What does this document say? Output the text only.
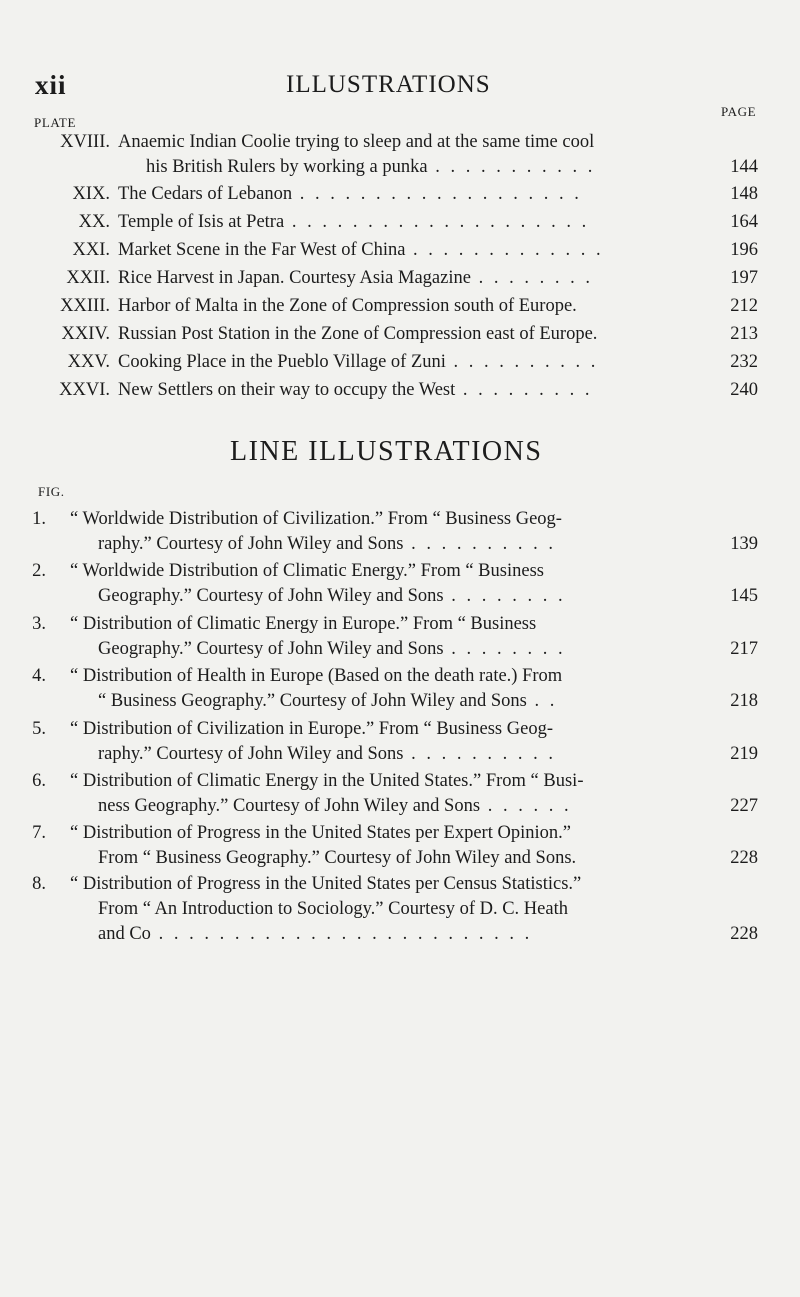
xii	ILLUSTRATIONS
PLATE
PAGE
XVIII. Anaemic Indian Coolie trying to sleep and at the same time cool
his British Rulers by working a punka . . . . . . . . . . .	144
XIX. The Cedars of Lebanon . . . . . . . . . . . . . . . . . . .	148
XX. Temple of Isis at Petra . . . . . . . . . . . . . . . . . . . .	164
XXI. Market Scene in the Far West of China . . . . . . . . . . . . .	196
XXII. Rice Harvest in Japan. Courtesy Asia Magazine . . . . . . . .	197
XXIII. Harbor of Malta in the Zone of Compression south of Europe.	212
XXIV. Russian Post Station in the Zone of Compression east of Europe.	213
XXV. Cooking Place in the Pueblo Village of Zuni . . . . . . . . . .	232
XXVI. New Settlers on their way to occupy the West . . . . . . . . .	240
LINE ILLUSTRATIONS
FIG.
1. “ Worldwide Distribution of Civilization.” From “ Business Geog-
raphy.” Courtesy of John Wiley and Sons . . . . . . . . . .	139
2. “ Worldwide Distribution of Climatic Energy.” From “ Business
Geography.” Courtesy of John Wiley and Sons . . . . . . . .	145
3. “ Distribution of Climatic Energy in Europe.” From “ Business
Geography.” Courtesy of John Wiley and Sons . . . . . . . .	217
4. “ Distribution of Health in Europe (Based on the death rate.) From
“ Business Geography.” Courtesy of John Wiley and Sons . .	218
5. “ Distribution of Civilization in Europe.” From “ Business Geog-
raphy.” Courtesy of John Wiley and Sons . . . . . . . . . .	219
6. “ Distribution of Climatic Energy in the United States.” From “ Busi-
ness Geography.” Courtesy of John Wiley and Sons . . . . . .	227
7. “ Distribution of Progress in the United States per Expert Opinion.”
From “ Business Geography.” Courtesy of John Wiley and Sons.	228
8. “ Distribution of Progress in the United States per Census Statistics.”
From “ An Introduction to Sociology.” Courtesy of D. C. Heath
and Co . . . . . . . . . . . . . . . . . . . . . . . . .	228
